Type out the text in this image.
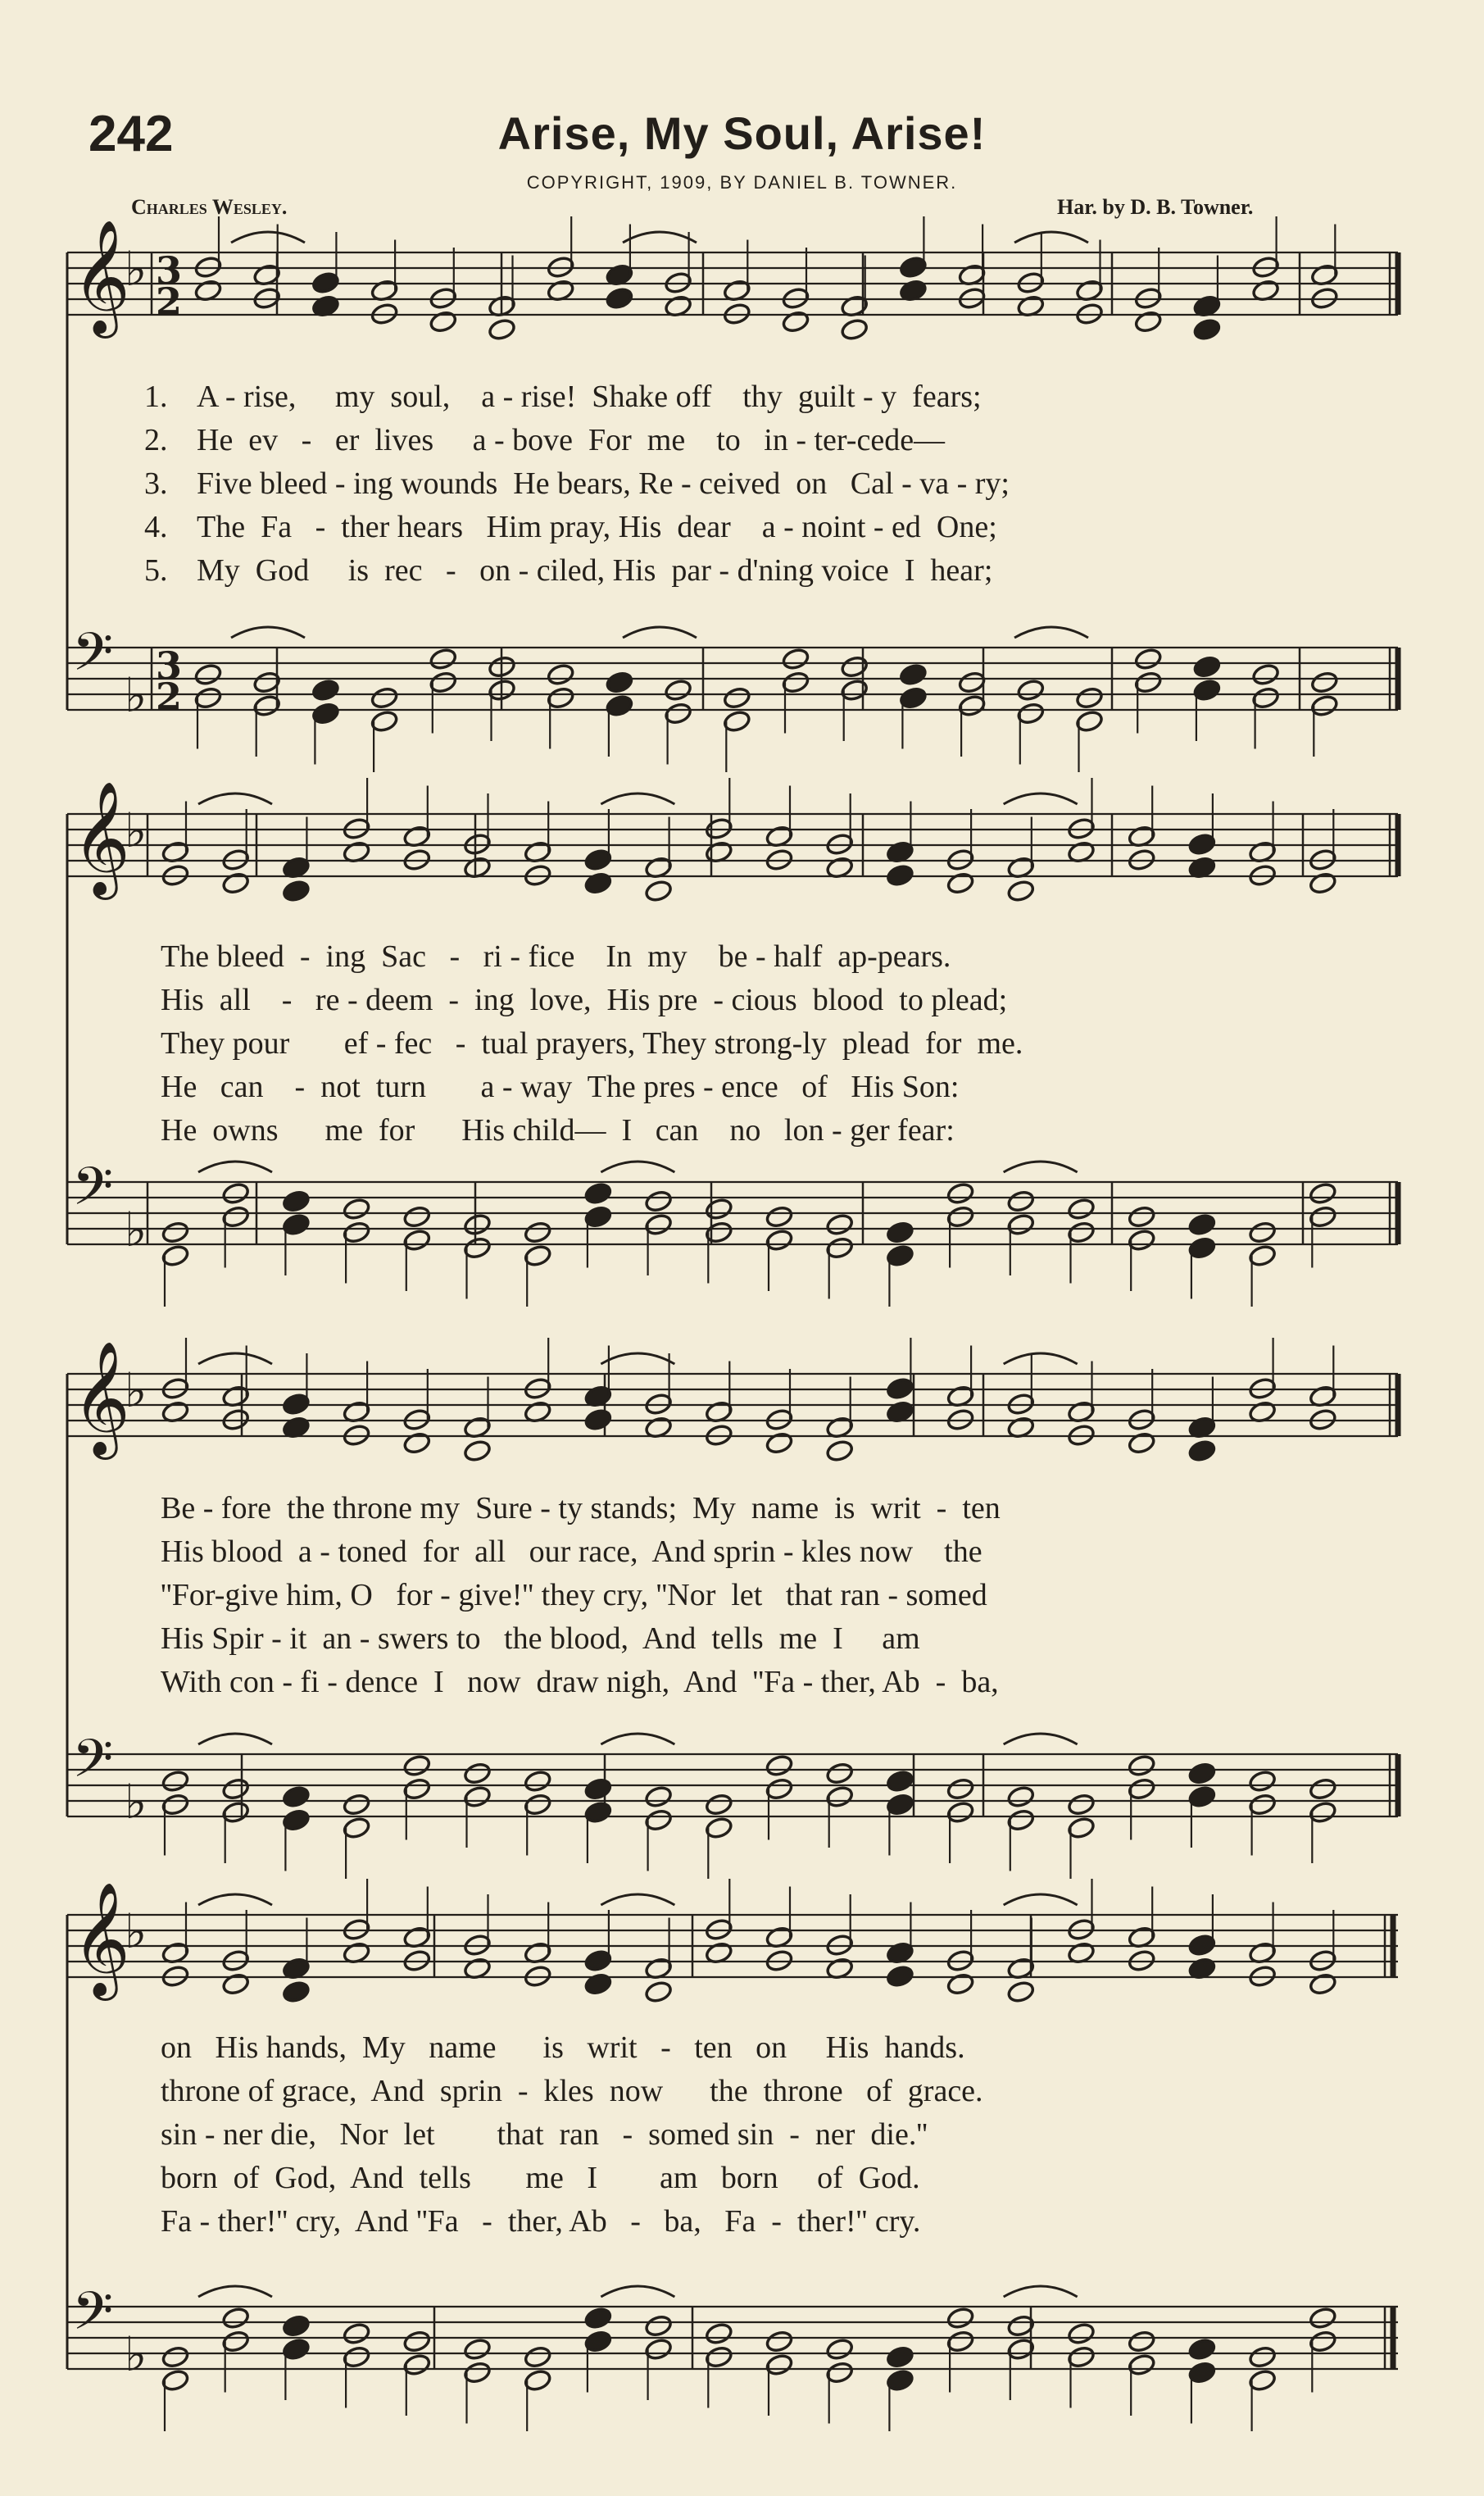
242	Arise, My Soul, Arise!
COPYRIGHT, 1909, BY DANIEL B. TOWNER.
Charles Wesley.	Har. by D. B. Towner.
𝄞
♭ 3
2
𝄢 ♭
3
2
𝄞
♭
𝄢 ♭
𝄞
♭
𝄢 ♭
𝄞
♭
𝄢 ♭
1. A - rise,     my  soul,    a - rise!  Shake off    thy  guilt - y  fears;
2. He  ev   -   er  lives     a - bove  For  me    to   in - ter-cede—
3. Five bleed - ing wounds  He bears, Re - ceived  on   Cal - va - ry;
4. The  Fa   -  ther hears   Him pray, His  dear    a - noint - ed  One;
5. My  God     is  rec   -   on - ciled, His  par - d'ning voice  I  hear;
The bleed  -  ing  Sac   -   ri - fice    In  my    be - half  ap-pears.
His  all    -   re - deem  -  ing  love,  His pre  - cious  blood  to plead;
They pour       ef - fec   -  tual prayers, They strong-ly  plead  for  me.
He   can    -  not  turn       a - way  The pres - ence   of   His Son:
He  owns      me  for      His child—  I   can    no   lon - ger fear:
Be - fore  the throne my  Sure - ty stands;  My  name  is  writ  -  ten
His blood  a - toned  for  all   our race,  And sprin - kles now    the
''For-give him, O   for - give!'' they cry, ''Nor  let   that ran - somed
His Spir - it  an - swers to   the blood,  And  tells  me  I     am
With con - fi - dence  I   now  draw nigh,  And  ''Fa - ther, Ab  -  ba,
on   His hands,  My   name      is   writ   -   ten   on     His  hands.
throne of grace,  And  sprin  -  kles  now      the  throne   of  grace.
sin - ner die,   Nor  let        that  ran   -  somed sin  -  ner  die.''
born  of  God,  And  tells       me   I        am   born     of  God.
Fa - ther!'' cry,  And ''Fa   -  ther, Ab   -   ba,   Fa  -  ther!'' cry.
